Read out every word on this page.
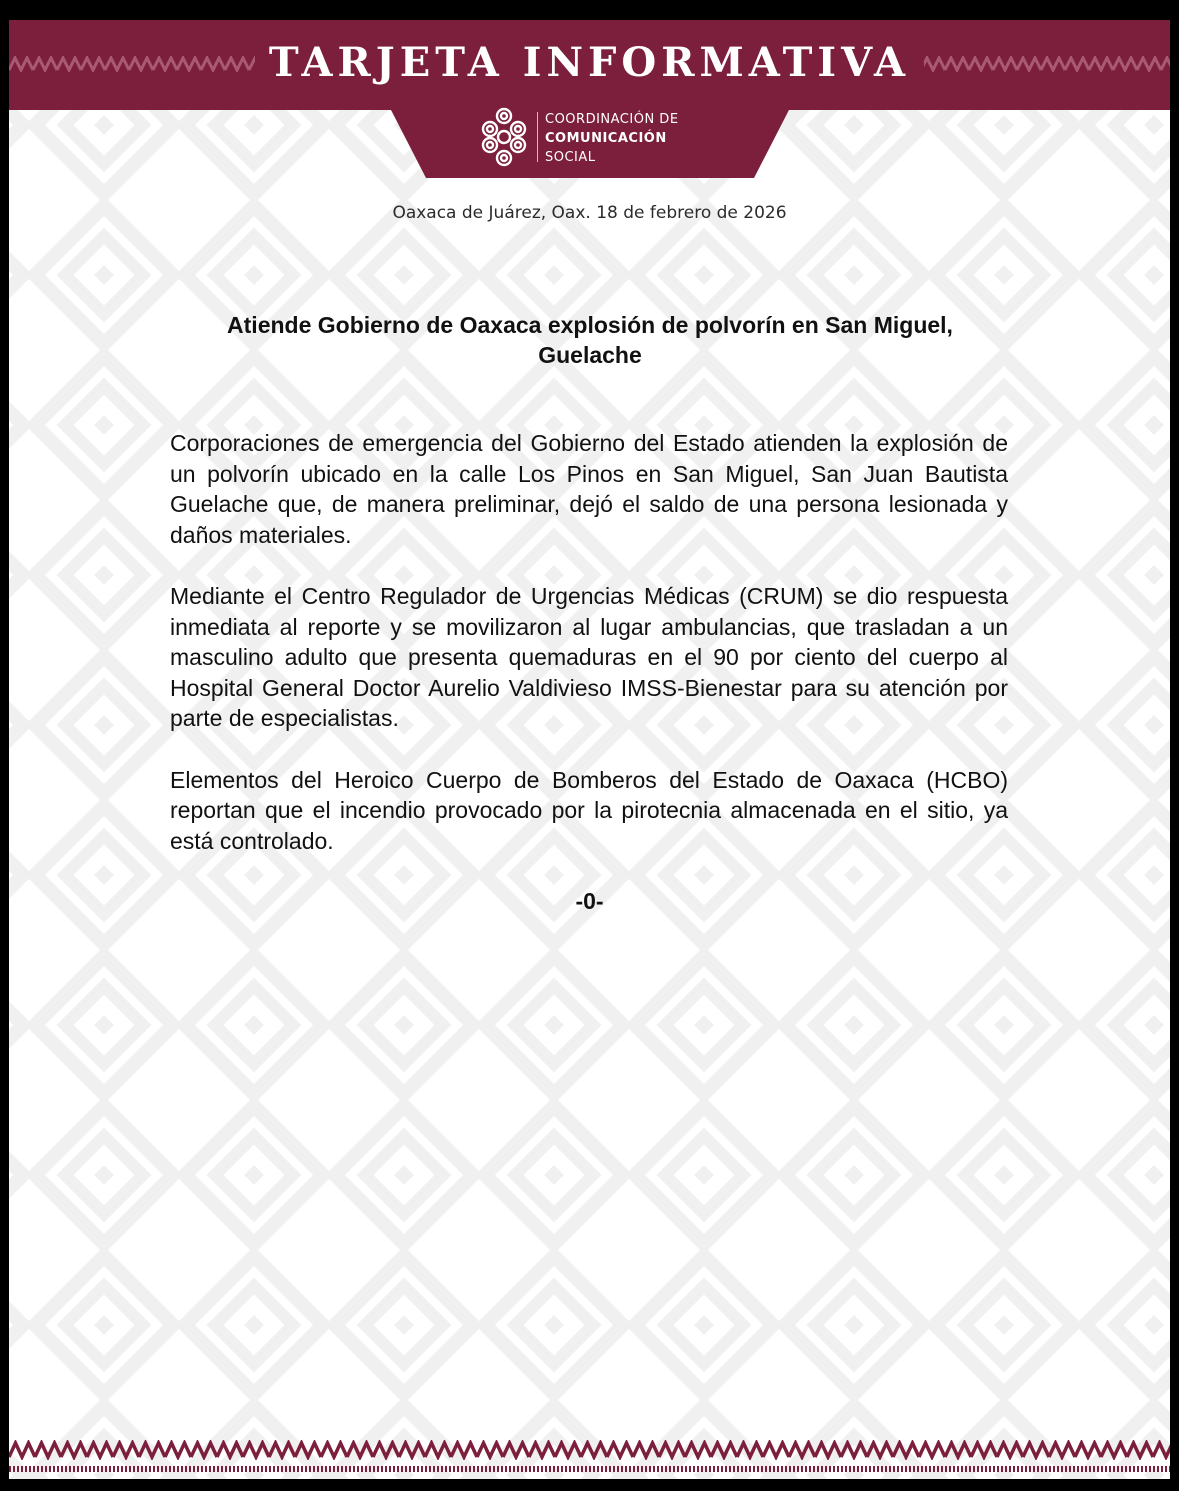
TARJETA INFORMATIVA
COORDINACIÓN DE
COMUNICACIÓN
SOCIAL
Oaxaca de Juárez, Oax. 18 de febrero de 2026
Atiende Gobierno de Oaxaca explosión de polvorín en San Miguel,
Guelache

Corporaciones de emergencia del Gobierno del Estado atienden la explosión de un polvorín ubicado en la calle Los Pinos en San Miguel, San Juan Bautista Guelache que, de manera preliminar, dejó el saldo de una persona lesionada y daños materiales.

Mediante el Centro Regulador de Urgencias Médicas (CRUM) se dio respuesta inmediata al reporte y se movilizaron al lugar ambulancias, que trasladan a un masculino adulto que presenta quemaduras en el 90 por ciento del cuerpo al Hospital General Doctor Aurelio Valdivieso IMSS-Bienestar para su atención por parte de especialistas.

Elementos del Heroico Cuerpo de Bomberos del Estado de Oaxaca (HCBO) reportan que el incendio provocado por la pirotecnia almacenada en el sitio, ya está controlado.

-0-
